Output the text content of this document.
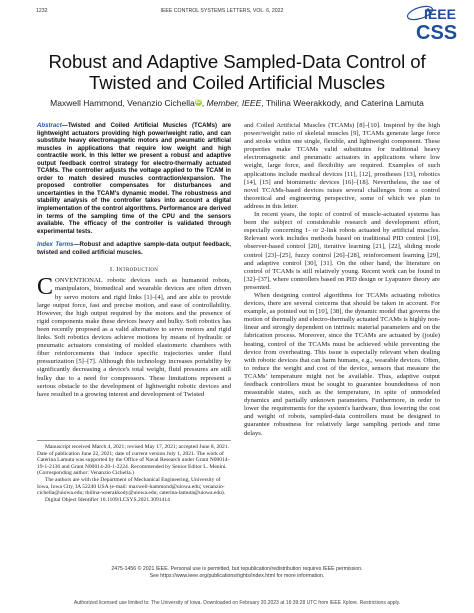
1232	IEEE CONTROL SYSTEMS LETTERS, VOL. 6, 2022	IEEE
CSS
Robust and Adaptive Sampled-Data Control of
Twisted and Coiled Artificial Muscles
Maxwell Hammond, Venanzio CichellaiD, Member, IEEE, Thilina Weerakkody, and Caterina Lamuta

Abstract—Twisted and Coiled Artificial Muscles (TCAMs) are lightweight actuators providing high power/weight ratio, and can substitute heavy electromagnetic motors and pneumatic artificial muscles in applications that require low weight and high contractile work. In this letter we present a robust and adaptive output feedback control strategy for electro-thermally actuated TCAMs. The controller adjusts the voltage applied to the TCAM in order to match desired muscles contraction/expansion. The proposed controller compensates for disturbances and uncertainties in the TCAM's dynamic model. The robustness and stability analysis of the controller takes into account a digital implementation of the control algorithms. Performance are derived in terms of the sampling time of the CPU and the sensors available. The efficacy of the controller is validated through experimental tests.

Index Terms—Robust and adaptive sample-data output feedback, twisted and coiled artificial muscles.

I. Introduction

CONVENTIONAL robotic devices such as humanoid robots, manipulators, biomedical and wearable devices are often driven by servo motors and rigid links [1]–[4], and are able to provide large output force, fast and precise motion, and ease of controllability. However, the high output required by the motors and the presence of rigid components make these devices heavy and bulky. Soft robotics has been recently proposed as a valid alternative to servo motors and rigid links. Soft robotics devices achieve motions by means of hydraulic or pneumatic actuators consisting of molded elastomeric chambers with fiber reinforcements that induce specific trajectories under fluid pressurization [5]–[7]. Although this technology increases portability by significantly decreasing a device's total weight, fluid pressures are still bulky due to a need for compressors. These limitations represent a serious obstacle to the development of lightweight robotic devices and have resulted in a growing interest and development of Twisted

Manuscript received March 4, 2021; revised May 17, 2021; accepted June 8, 2021. Date of publication June 22, 2021; date of current version July 1, 2021. The work of Caterina Lamuta was supported by the Office of Naval Research under Grant N00014-19-1-2136 and Grant N00014-20-1-2224. Recommended by Senior Editor L. Menini. (Corresponding author: Venanzio Cichella.)

The authors are with the Department of Mechanical Engineering, University of Iowa, Iowa City, IA 52240 USA (e-mail: maxwell-hammond@uiowa.edu; venanzio-cichella@uiowa.edu; thilina-weerakkody@uiowa.edu; caterina-lamuta@uiowa.edu).

Digital Object Identifier 10.1109/LCSYS.2021.3091414

and Coiled Artificial Muscles (TCAMs) [8]–[10]. Inspired by the high power/weight ratio of skeletal muscles [9], TCAMs generate large force and stroke within one single, flexible, and lightweight component. These properties make TCAMs valid substitutes for traditional heavy electromagnetic and pneumatic actuators in applications where low weight, large force, and flexibility are required. Examples of such applications include medical devices [11], [12], prostheses [13], robotics [14], [15] and biomimetic devices [16]–[18]. Nevertheless, the use of novel TCAMs-based devices raises several challenges from a control theoretical and engineering perspective, some of which we plan to address in this letter.

In recent years, the topic of control of muscle-actuated systems has been the subject of considerable research and development effort, especially concerning 1- or 2-link robots actuated by artificial muscles. Relevant work includes methods based on traditional PID control [19], observer-based control [20], iterative learning [21], [22], sliding mode control [23]–[25], fuzzy control [26]–[28], reinforcement learning [29], and adaptive control [30], [31]. On the other hand, the literature on control of TCAMs is still relatively young. Recent work can be found in [32]–[37], where controllers based on PID design or Lyapunov theory are presented.

When designing control algorithms for TCAMs actuating robotics devices, there are several concerns that should be taken in account. For example, as pointed out in [10], [38], the dynamic model that governs the motion of thermally and electro-thermally actuated TCAMs is highly non-linear and strongly dependent on intrinsic material parameters and on the fabrication process. Moreover, since the TCAMs are actuated by (joule) heating, control of the TCAMs must be achieved while preventing the device from overheating. This issue is especially relevant when dealing with robotic devices that can harm humans, e.g., wearable devices. Often, to reduce the weight and cost of the device, sensors that measure the TCAMs' temperature might not be available. Thus, adaptive output feedback controllers must be sought to guarantee boundedness of non measurable states, such as the temperature, in spite of unmodeled dynamics and partially unknown parameters. Furthermore, in order to lower the requirements for the system's hardware, thus lowering the cost and weight of robots, sampled-data controllers must be designed to guarantee robustness for relatively large sampling periods and time delays.

2475-1456 © 2021 IEEE. Personal use is permitted, but republication/redistribution requires IEEE permission.
See https://www.ieee.org/publications/rights/index.html for more information.
Authorized licensed use limited to: The University of Iowa. Downloaded on February 20,2023 at 16:39:28 UTC from IEEE Xplore. Restrictions apply.
